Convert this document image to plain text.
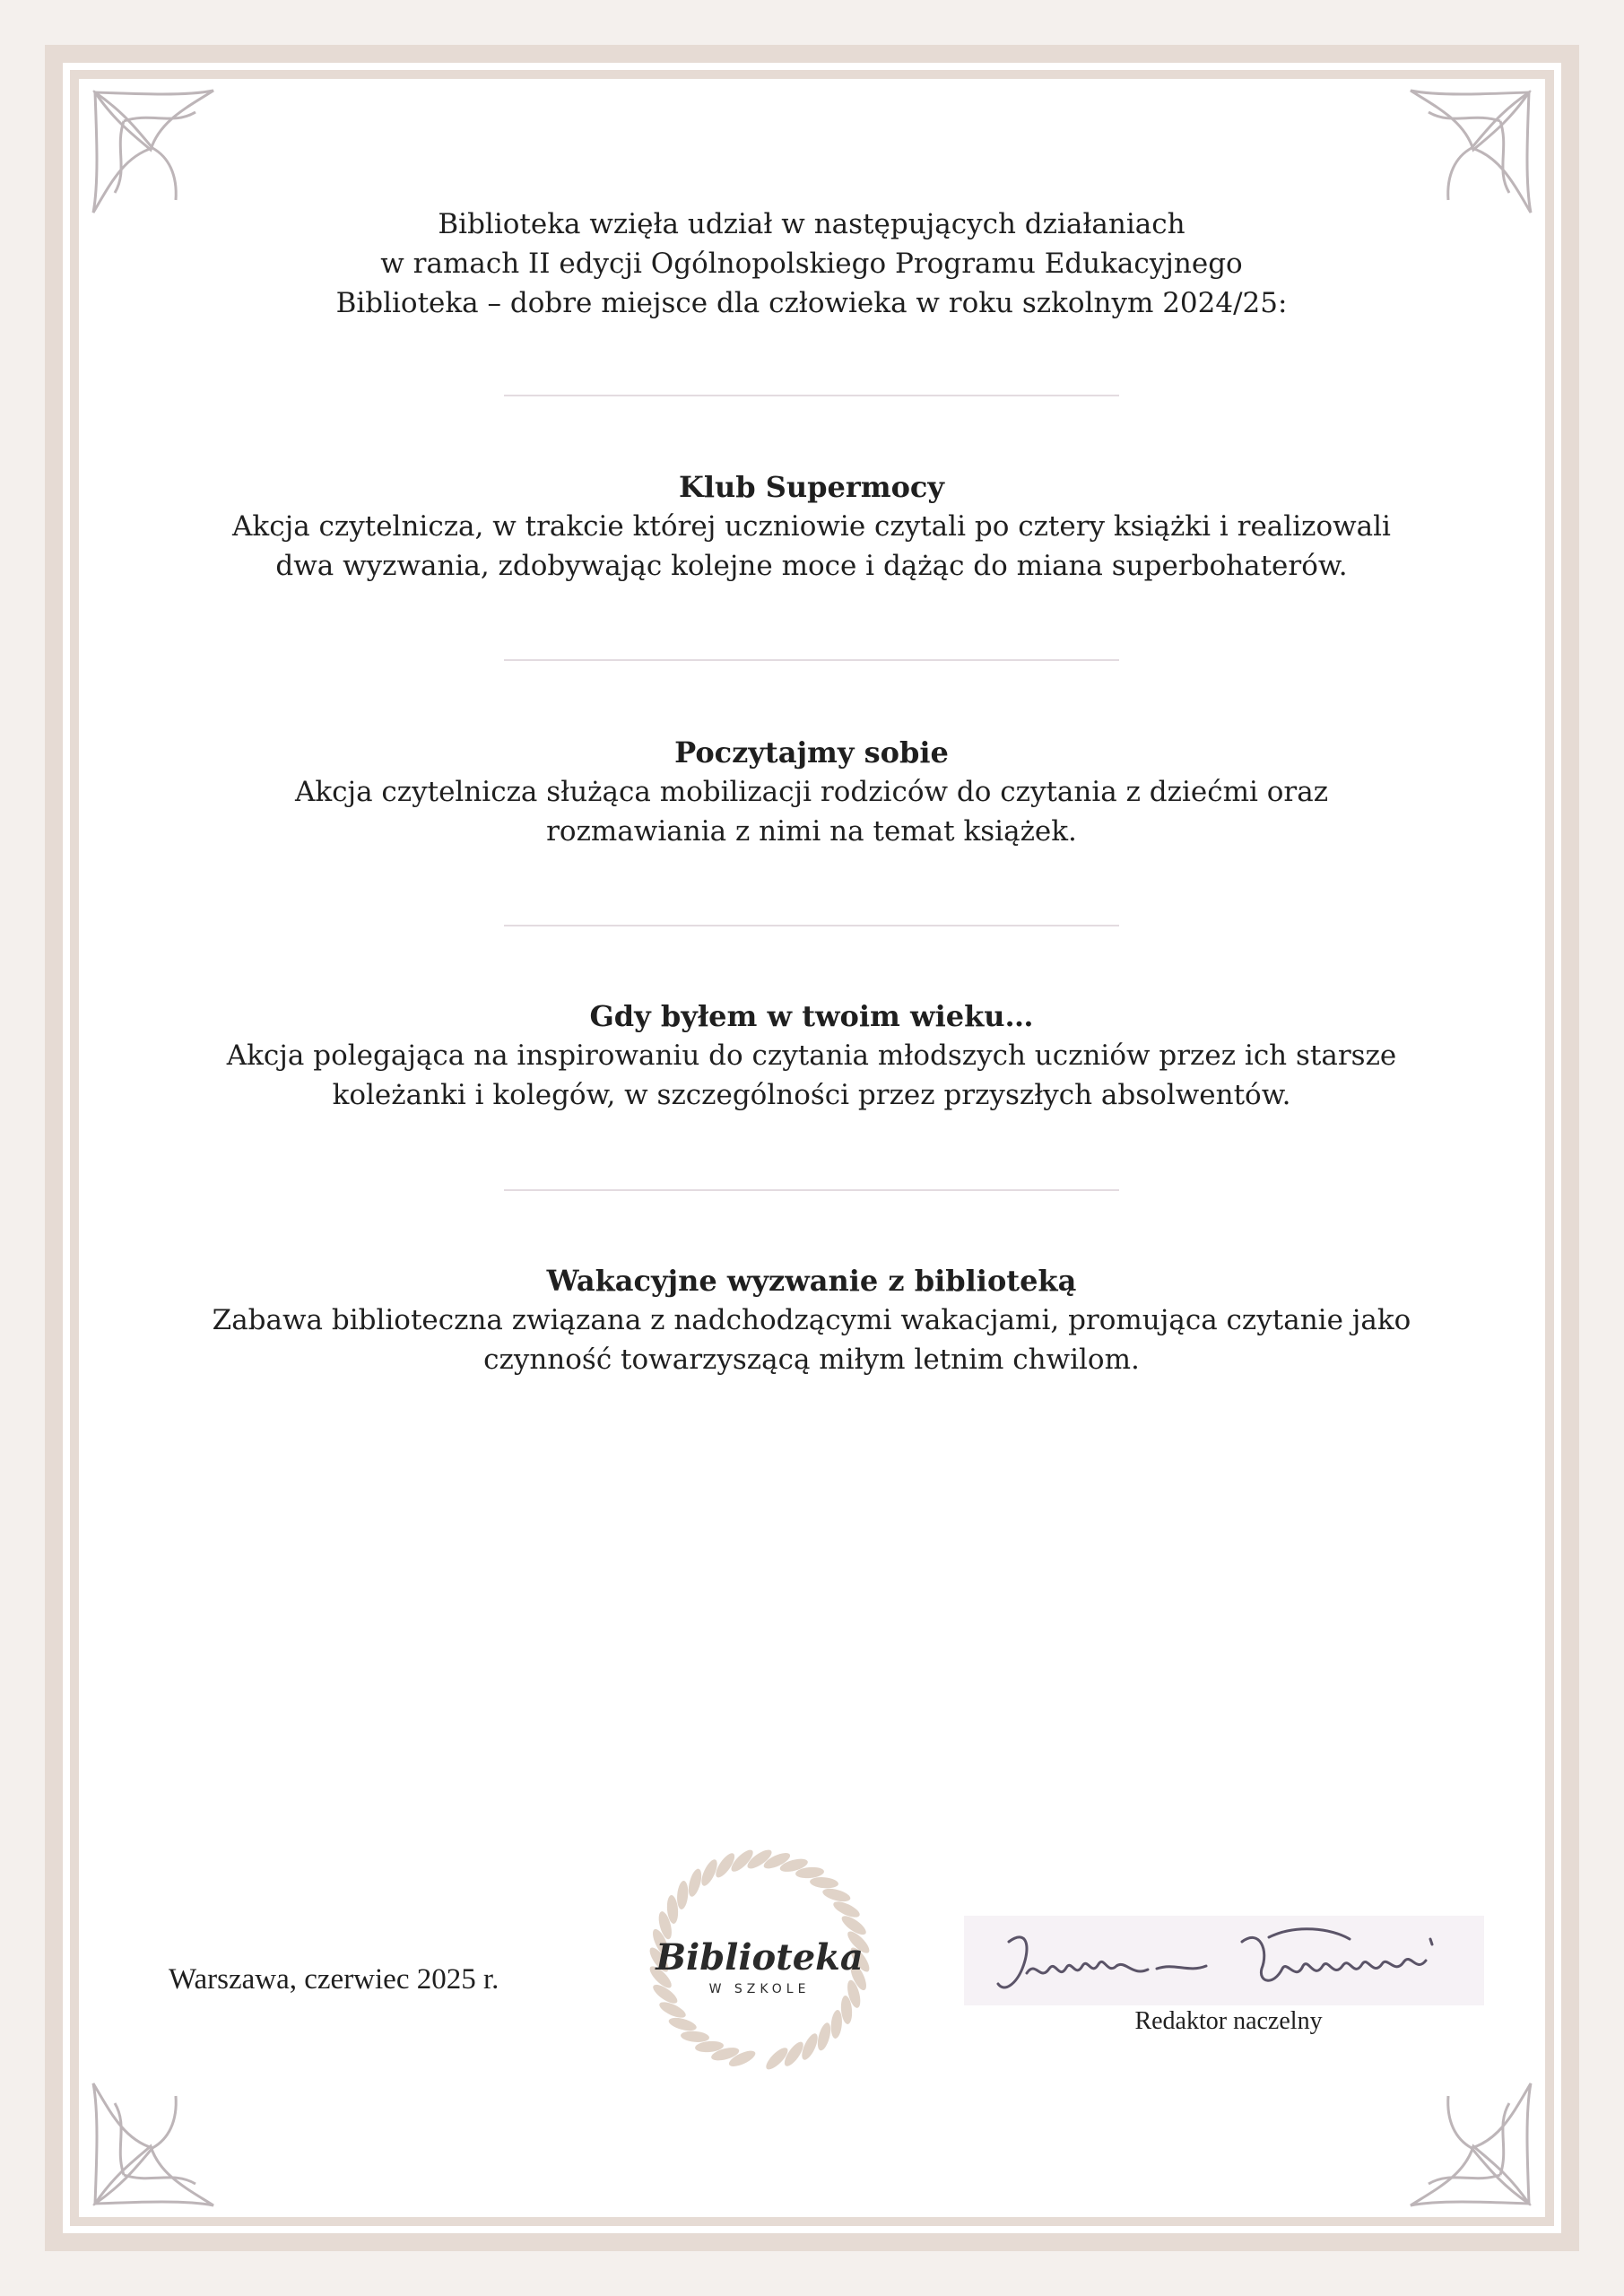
Biblioteka wzięła udział w następujących działaniach
w ramach II edycji Ogólnopolskiego Programu Edukacyjnego
Biblioteka – dobre miejsce dla człowieka w roku szkolnym 2024/25:
Klub Supermocy
Akcja czytelnicza, w trakcie której uczniowie czytali po cztery książki i realizowali dwa wyzwania, zdobywając kolejne moce i dążąc do miana superbohaterów.
Poczytajmy sobie
Akcja czytelnicza służąca mobilizacji rodziców do czytania z dziećmi oraz rozmawiania z nimi na temat książek.
Gdy byłem w twoim wieku…
Akcja polegająca na inspirowaniu do czytania młodszych uczniów przez ich starsze koleżanki i kolegów, w szczególności przez przyszłych absolwentów.
Wakacyjne wyzwanie z biblioteką
Zabawa biblioteczna związana z nadchodzącymi wakacjami, promująca czytanie jako czynność towarzyszącą miłym letnim chwilom.
Warszawa, czerwiec 2025 r.
Biblioteka
W SZKOLE
Redaktor naczelny
